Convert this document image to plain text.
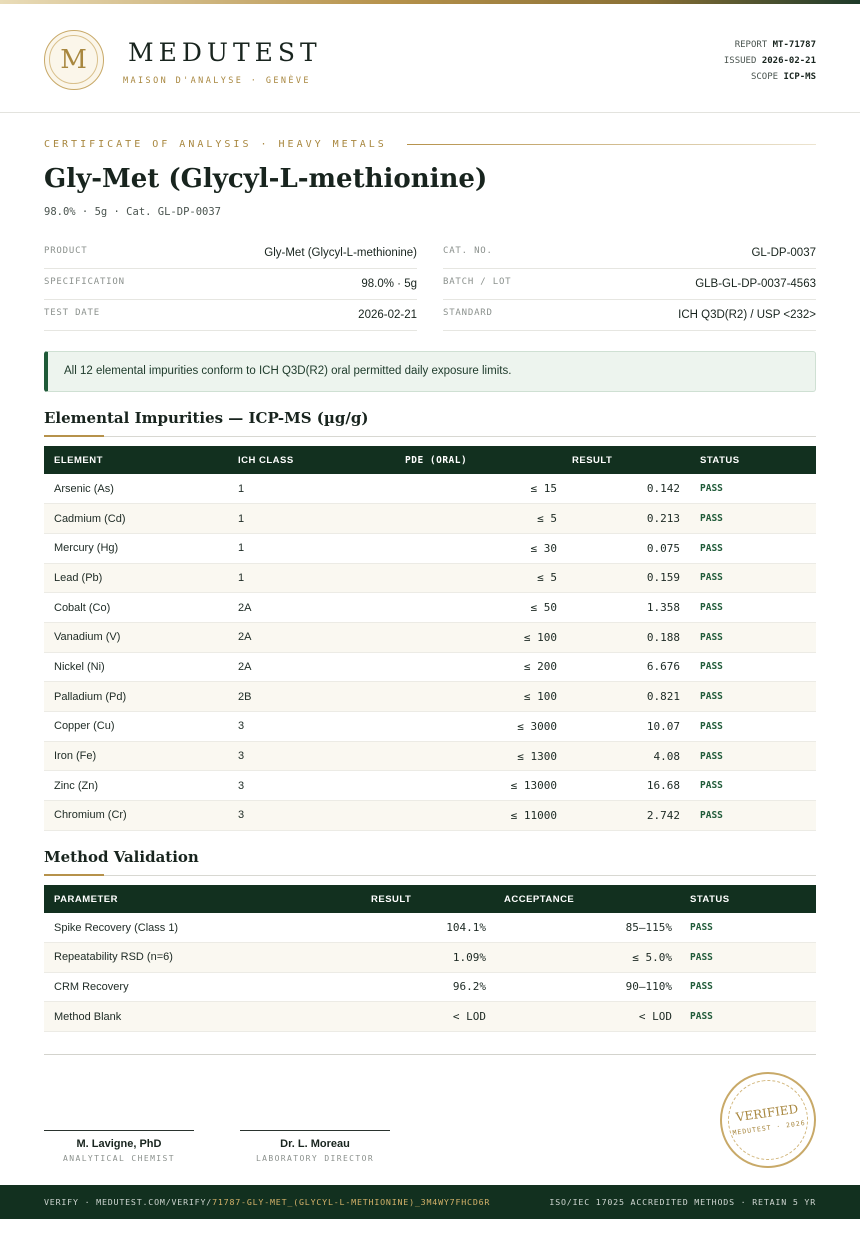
M	MEDUTEST
MAISON D'ANALYSE · GENÈVE
REPORT MT-71787
ISSUED 2026-02-21
SCOPE ICP-MS
CERTIFICATE OF ANALYSIS · HEAVY METALS
Gly-Met (Glycyl-L-methionine)
98.0% · 5g · Cat. GL-DP-0037
PRODUCT	Gly-Met (Glycyl-L-methionine)
SPECIFICATION	98.0% · 5g
TEST DATE	2026-02-21
CAT. NO.	GL-DP-0037
BATCH / LOT	GLB-GL-DP-0037-4563
STANDARD	ICH Q3D(R2) / USP <232>
All 12 elemental impurities conform to ICH Q3D(R2) oral permitted daily exposure limits.
Elemental Impurities — ICP-MS (µg/g)
ELEMENT	ICH CLASS	PDE (ORAL)	RESULT	STATUS
Arsenic (As)	1	≤ 15	0.142	PASS
Cadmium (Cd)	1	≤ 5	0.213	PASS
Mercury (Hg)	1	≤ 30	0.075	PASS
Lead (Pb)	1	≤ 5	0.159	PASS
Cobalt (Co)	2A	≤ 50	1.358	PASS
Vanadium (V)	2A	≤ 100	0.188	PASS
Nickel (Ni)	2A	≤ 200	6.676	PASS
Palladium (Pd)	2B	≤ 100	0.821	PASS
Copper (Cu)	3	≤ 3000	10.07	PASS
Iron (Fe)	3	≤ 1300	4.08	PASS
Zinc (Zn)	3	≤ 13000	16.68	PASS
Chromium (Cr)	3	≤ 11000	2.742	PASS
Method Validation
PARAMETER	RESULT	ACCEPTANCE	STATUS
Spike Recovery (Class 1)	104.1%	85–115%	PASS
Repeatability RSD (n=6)	1.09%	≤ 5.0%	PASS
CRM Recovery	96.2%	90–110%	PASS
Method Blank	< LOD	< LOD	PASS
M. Lavigne, PhD
ANALYTICAL CHEMIST
Dr. L. Moreau
LABORATORY DIRECTOR
VERIFIED
MEDUTEST · 2026
VERIFY · MEDUTEST.COM/VERIFY/71787-GLY-MET_(GLYCYL-L-METHIONINE)_3M4WY7FHCD6R	ISO/IEC 17025 ACCREDITED METHODS · RETAIN 5 YR
